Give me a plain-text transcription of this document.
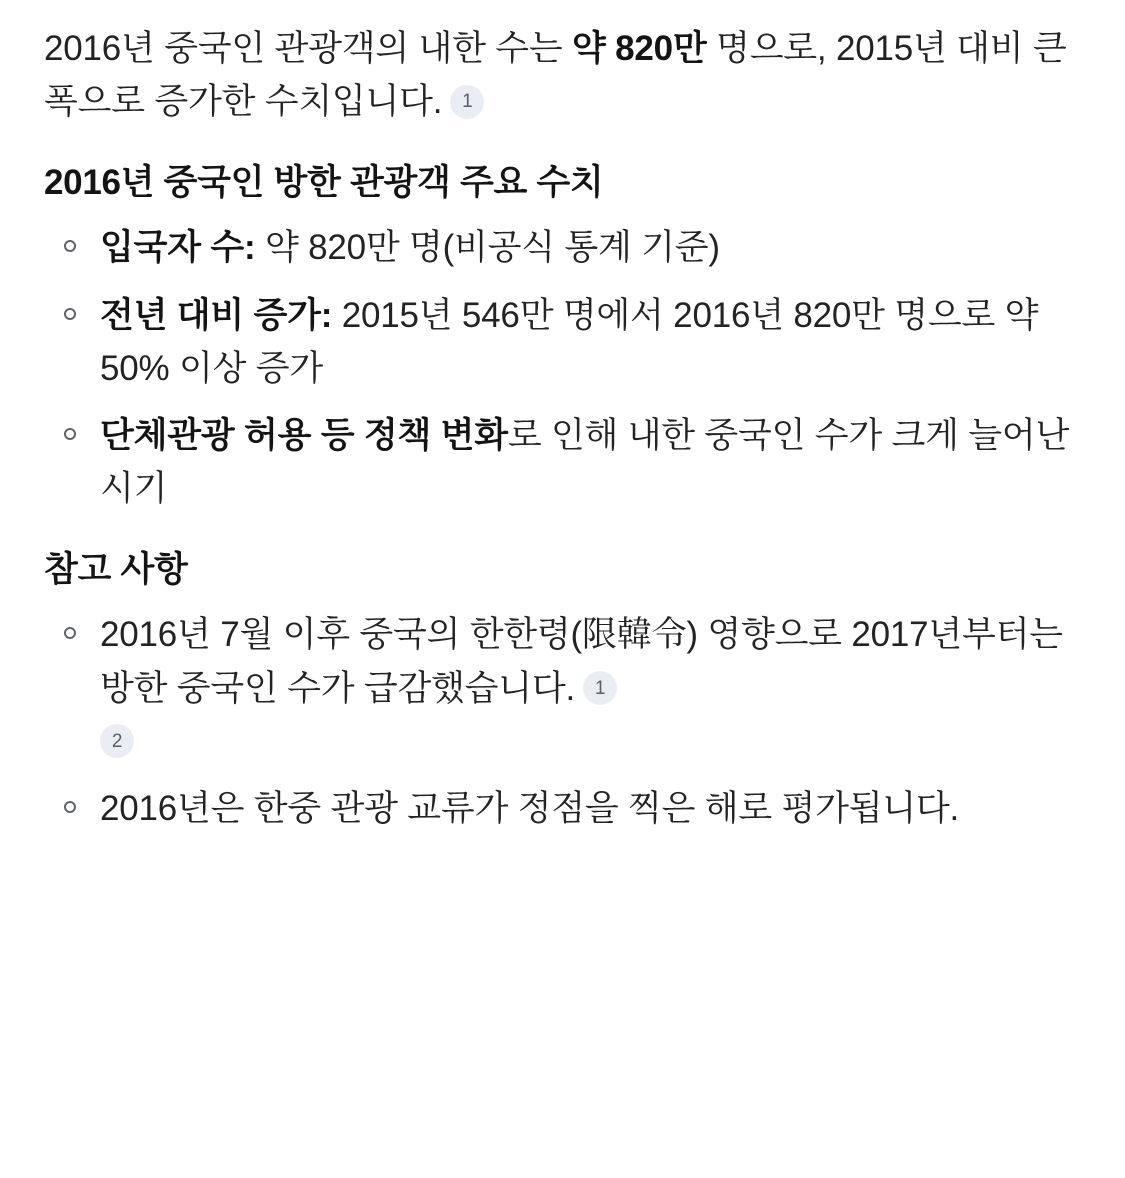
2016년 중국인 관광객의 내한 수는 약 820만 명으로, 2015년 대비 큰 폭으로 증가한 수치입니다. 1

2016년 중국인 방한 관광객 주요 수치
입국자 수: 약 820만 명(비공식 통계 기준)
전년 대비 증가: 2015년 546만 명에서 2016년 820만 명으로 약 50% 이상 증가
단체관광 허용 등 정책 변화로 인해 내한 중국인 수가 크게 늘어난 시기
참고 사항
2016년 7월 이후 중국의 한한령(限韓令) 영향으로 2017년부터는 방한 중국인 수가 급감했습니다. 1
2
2016년은 한중 관광 교류가 정점을 찍은 해로 평가됩니다.
